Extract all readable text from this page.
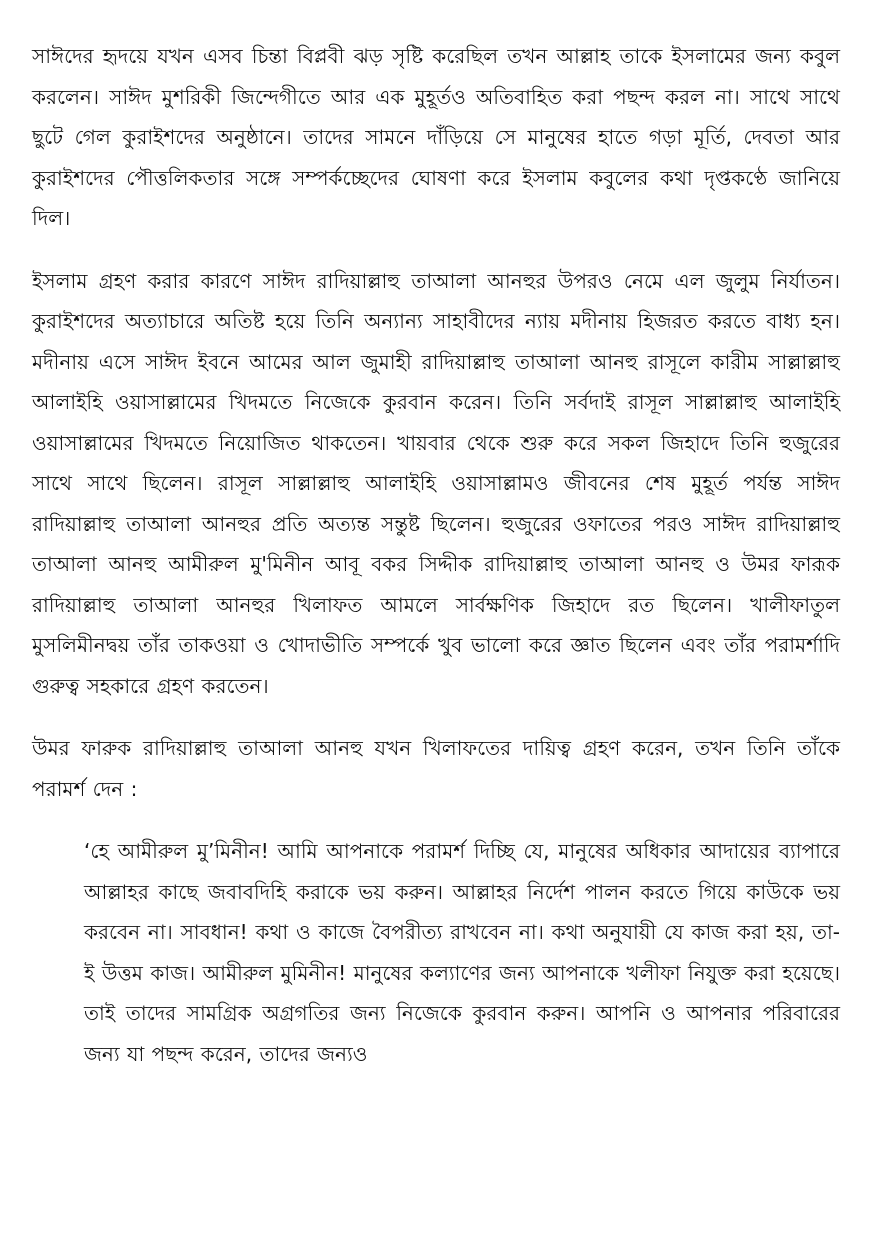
সাঈদের হৃদয়ে যখন এসব চিন্তা বিপ্লবী ঝড় সৃষ্টি করেছিল তখন আল্লাহ তাকে ইসলামের জন্য কবুল করলেন। সাঈদ মুশরিকী জিন্দেগীতে আর এক মুহূর্তও অতিবাহিত করা পছন্দ করল না। সাথে সাথে ছুটে গেল কুরাইশদের অনুষ্ঠানে। তাদের সামনে দাঁড়িয়ে সে মানুষের হাতে গড়া মূর্তি, দেবতা আর কুরাইশদের পৌত্তলিকতার সঙ্গে সম্পর্কচ্ছেদের ঘোষণা করে ইসলাম কবুলের কথা দৃপ্তকণ্ঠে জানিয়ে দিল।

ইসলাম গ্রহণ করার কারণে সাঈদ রাদিয়াল্লাহু তাআলা আনহুর উপরও নেমে এল জুলুম নির্যাতন। কুরাইশদের অত্যাচারে অতিষ্ট হয়ে তিনি অন্যান্য সাহাবীদের ন্যায় মদীনায় হিজরত করতে বাধ্য হন। মদীনায় এসে সাঈদ ইবনে আমের আল জুমাহী রাদিয়াল্লাহু তাআলা আনহু রাসূলে কারীম সাল্লাল্লাহু আলাইহি ওয়াসাল্লামের খিদমতে নিজেকে কুরবান করেন। তিনি সর্বদাই রাসূল সাল্লাল্লাহু আলাইহি ওয়াসাল্লামের খিদমতে নিয়োজিত থাকতেন। খায়বার থেকে শুরু করে সকল জিহাদে তিনি হুজুরের সাথে সাথে ছিলেন। রাসূল সাল্লাল্লাহু আলাইহি ওয়াসাল্লামও জীবনের শেষ মুহূর্ত পর্যন্ত সাঈদ রাদিয়াল্লাহু তাআলা আনহুর প্রতি অত্যন্ত সন্তুষ্ট ছিলেন। হুজুরের ওফাতের পরও সাঈদ রাদিয়াল্লাহু তাআলা আনহু আমীরুল মু'মিনীন আবূ বকর সিদ্দীক রাদিয়াল্লাহু তাআলা আনহু ও উমর ফারূক রাদিয়াল্লাহু তাআলা আনহুর খিলাফত আমলে সার্বক্ষণিক জিহাদে রত ছিলেন। খালীফাতুল মুসলিমীনদ্বয় তাঁর তাকওয়া ও খোদাভীতি সম্পর্কে খুব ভালো করে জ্ঞাত ছিলেন এবং তাঁর পরামর্শাদি গুরুত্ব সহকারে গ্রহণ করতেন।

উমর ফারুক রাদিয়াল্লাহু তাআলা আনহু যখন খিলাফতের দায়িত্ব গ্রহণ করেন, তখন তিনি তাঁকে পরামর্শ দেন :

‘হে আমীরুল মু’মিনীন! আমি আপনাকে পরামর্শ দিচ্ছি যে, মানুষের অধিকার আদায়ের ব্যাপারে আল্লাহর কাছে জবাবদিহি করাকে ভয় করুন। আল্লাহর নির্দেশ পালন করতে গিয়ে কাউকে ভয় করবেন না। সাবধান! কথা ও কাজে বৈপরীত্য রাখবেন না। কথা অনুযায়ী যে কাজ করা হয়, তা-ই উত্তম কাজ। আমীরুল মুমিনীন! মানুষের কল্যাণের জন্য আপনাকে খলীফা নিযুক্ত করা হয়েছে। তাই তাদের সামগ্রিক অগ্রগতির জন্য নিজেকে কুরবান করুন। আপনি ও আপনার পরিবারের জন্য যা পছন্দ করেন, তাদের জন্যও
